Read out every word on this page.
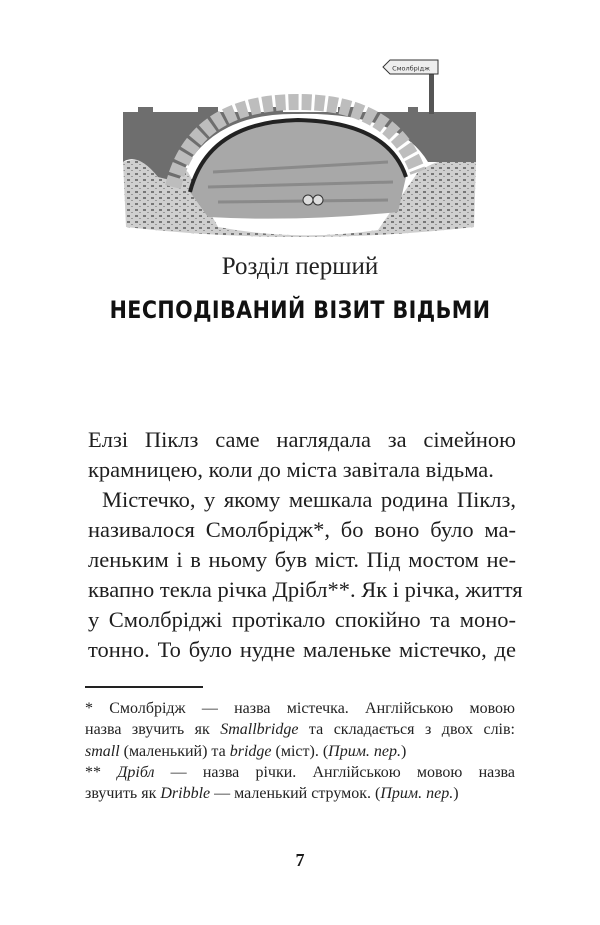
Смолбрідж
Розділ перший
НЕСПОДІВАНИЙ ВІЗИТ ВІДЬМИ
Елзі Піклз саме наглядала за сімейною
крамницею, коли до міста завітала відьма.
Містечко, у якому мешкала родина Піклз,
називалося Смолбрідж*, бо воно було ма-
леньким і в ньому був міст. Під мостом не-
квапно текла річка Дрібл**. Як і річка, життя
у Смолбріджі протікало спокійно та моно-
тонно. То було нудне маленьке містечко, де
* Смолбрідж — назва містечка. Англійською мовою
назва звучить як Smallbridge та складається з двох слів:
small (маленький) та bridge (міст). (Прим. пер.)
** Дрібл — назва річки. Англійською мовою назва
звучить як Dribble — маленький струмок. (Прим. пер.)
7
